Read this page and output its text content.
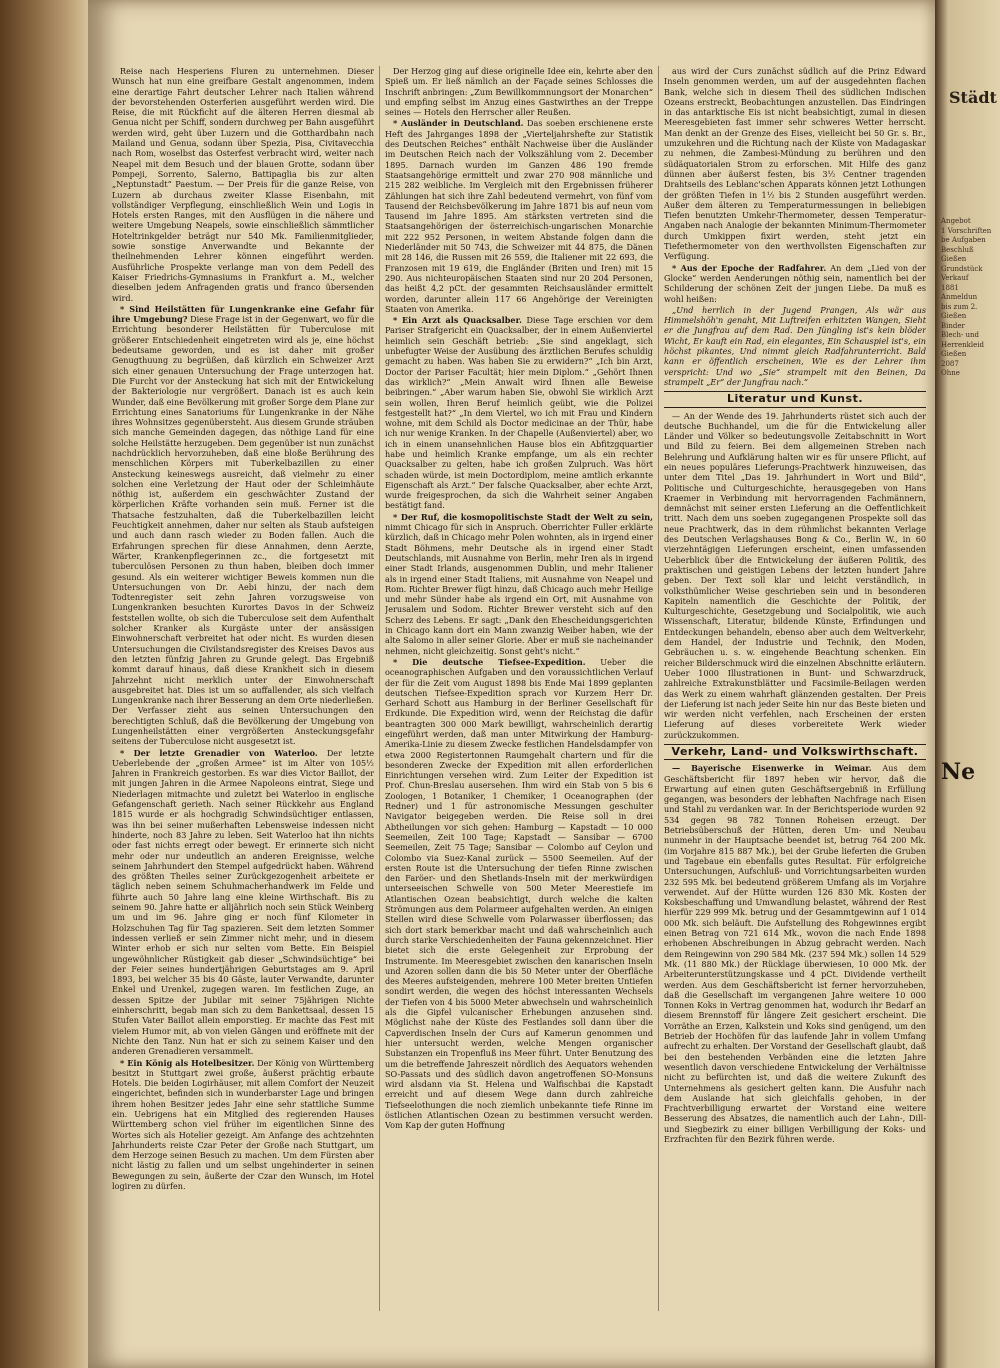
Reise nach Hesperiens Fluren zu unternehmen. Dieser Wunsch hat nun eine greifbare Gestalt angenommen, indem eine derartige Fahrt deutscher Lehrer nach Italien während der bevorstehenden Osterferien ausgeführt werden wird. Die Reise, die mit Rückficht auf die älteren Herren diesmal ab Genua nicht per Schiff, sondern durchweg per Bahn ausgeführt werden wird, geht über Luzern und die Gotthardbahn nach Mailand und Genua, sodann über Spezia, Pisa, Civitavecchia nach Rom, woselbst das Osterfest verbracht wird, weiter nach Neapel mit dem Besuch und der blauen Grotte, sodann über Pompeji, Sorrento, Salerno, Battipaglia bis zur alten „Neptunstadt“ Paestum. — Der Preis für die ganze Reise, von Luzern ab durchaus zweiter Klasse Eisenbahn, mit vollständiger Verpflegung, einschließlich Wein und Logis in Hotels ersten Ranges, mit den Ausflügen in die nähere und weitere Umgebung Neapels, sowie einschließlich sämmtlicher Hoteltrinkgelder beträgt nur 540 Mk. Familienmitglieder, sowie sonstige Anverwandte und Bekannte der theilnehmenden Lehrer können eingeführt werden. Ausführliche Prospekte verlange man von dem Pedell des Kaiser Friedrichs-Gymnasiums in Frankfurt a. M., welcher dieselben jedem Anfragenden gratis und franco übersenden wird.

* Sind Heilstätten für Lungenkranke eine Gefahr für ihre Umgebung? Diese Frage ist in der Gegenwart, wo für die Errichtung besonderer Heilstätten für Tuberculose mit größerer Entschiedenheit eingetreten wird als je, eine höchst bedeutsame geworden, und es ist daher mit großer Genugthuung zu begrüßen, daß kürzlich ein Schweizer Arzt sich einer genauen Untersuchung der Frage unterzogen hat. Die Furcht vor der Ansteckung hat sich mit der Entwickelung der Bakteriologie nur vergrößert. Danach ist es auch kein Wunder, daß eine Bevölkerung mit großer Sorge dem Plane zur Errichtung eines Sanatoriums für Lungenkranke in der Nähe ihres Wohnsitzes gegenübersteht. Aus diesem Grunde sträuben sich manche Gemeinden dagegen, das nöthige Land für eine solche Heilstätte herzugeben. Dem gegenüber ist nun zunächst nachdrücklich hervorzuheben, daß eine bloße Berührung des menschlichen Körpers mit Tuberkelbazillen zu einer Ansteckung keineswegs ausreicht, daß vielmehr zu einer solchen eine Verletzung der Haut oder der Schleimhäute nöthig ist, außerdem ein geschwächter Zustand der körperlichen Kräfte vorhanden sein muß. Ferner ist die Thatsache festzuhalten, daß die Tuberkelbazillen leicht Feuchtigkeit annehmen, daher nur selten als Staub aufsteigen und auch dann rasch wieder zu Boden fallen. Auch die Erfahrungen sprechen für diese Annahmen, denn Aerzte, Wärter, Krankenpflegerinnen zc., die fortgesetzt mit tuberculösen Personen zu thun haben, bleiben doch immer gesund. Als ein weiterer wichtiger Beweis kommen nun die Untersuchungen von Dr. Aebi hinzu, der nach dem Todtenregister seit zehn Jahren vorzugsweise von Lungenkranken besuchten Kurortes Davos in der Schweiz feststellen wollte, ob sich die Tuberculose seit dem Aufenthalt solcher Kranker als Kurgäste unter der ansässigen Einwohnerschaft verbreitet hat oder nicht. Es wurden diesen Untersuchungen die Civilstandsregister des Kreises Davos aus den letzten fünfzig Jahren zu Grunde gelegt. Das Ergebniß kommt darauf hinaus, daß diese Krankheit sich in diesem Jahrzehnt nicht merklich unter der Einwohnerschaft ausgebreitet hat. Dies ist um so auffallender, als sich vielfach Lungenkranke nach ihrer Besserung an dem Orte niederließen. Der Verfasser zieht aus seinen Untersuchungen den berechtigten Schluß, daß die Bevölkerung der Umgebung von Lungenheilstätten einer vergrößerten Ansteckungsgefahr seitens der Tuberculose nicht ausgesetzt ist.

* Der letzte Grenadier von Waterloo. Der letzte Ueberlebende der „großen Armee“ ist im Alter von 105½ Jahren in Frankreich gestorben. Es war dies Victor Baillot, der mit jungen Jahren in die Armee Napoleons eintrat, Siege und Niederlagen mitmachte und zuletzt bei Waterloo in englische Gefangenschaft gerieth. Nach seiner Rückkehr aus England 1815 wurde er als hochgradig Schwindsüchtiger entlassen, was ihn bei seiner mußerhaften Lebensweise indessen nicht hinderte, noch 83 Jahre zu leben. Seit Waterloo hat ihn nichts oder fast nichts erregt oder bewegt. Er erinnerte sich nicht mehr oder nur undeutlich an anderen Ereignisse, welche seinem Jahrhundert den Stempel aufgedrückt haben. Während des größten Theiles seiner Zurückgezogenheit arbeitete er täglich neben seinem Schuhmacherhandwerk im Felde und führte auch 50 Jahre lang eine kleine Wirthschaft. Bis zu seinem 90. Jahre hatte er alljährlich noch sein Stück Weinberg um und im 96. Jahre ging er noch fünf Kilometer in Holzschuhen Tag für Tag spazieren. Seit dem letzten Sommer indessen verließ er sein Zimmer nicht mehr, und in diesem Winter erhob er sich nur selten vom Bette. Ein Beispiel ungewöhnlicher Rüstigkeit gab dieser „Schwindsüchtige“ bei der Feier seines hundertjährigen Geburtstages am 9. April 1893, bei welcher 35 bis 40 Gäste, lauter Verwandte, darunter Enkel und Urenkel, zugegen waren. Im festlichen Zuge, an dessen Spitze der Jubilar mit seiner 75jährigen Nichte einherschritt, begab man sich zu dem Bankettsaal, dessen 15 Stufen Vater Baillot allein emporstieg. Er machte das Fest mit vielem Humor mit, ab von vielen Gängen und eröffnete mit der Nichte den Tanz. Nun hat er sich zu seinem Kaiser und den anderen Grenadieren versammelt.

* Ein König als Hotelbesitzer. Der König von Württemberg besitzt in Stuttgart zwei große, äußerst prächtig erbaute Hotels. Die beiden Logirhäuser, mit allem Comfort der Neuzeit eingerichtet, befinden sich in wunderbarster Lage und bringen ihrem hohen Besitzer jedes Jahr eine sehr stattliche Summe ein. Uebrigens hat ein Mitglied des regierenden Hauses Württemberg schon viel früher im eigentlichen Sinne des Wortes sich als Hotelier gezeigt. Am Anfange des achtzehnten Jahrhunderts reiste Czar Peter der Große nach Stuttgart, um dem Herzoge seinen Besuch zu machen. Um dem Fürsten aber nicht lästig zu fallen und um selbst ungehinderter in seinen Bewegungen zu sein, äußerte der Czar den Wunsch, im Hotel logiren zu dürfen.

Der Herzog ging auf diese originelle Idee ein, kehrte aber den Spieß um. Er ließ nämlich an der Façade seines Schlosses die Inschrift anbringen: „Zum Bewillkommnungsort der Monarchen“ und empfing selbst im Anzug eines Gastwirthes an der Treppe seines — Hotels den Herrscher aller Reußen.

* Ausländer in Deutschland. Das soeben erschienene erste Heft des Jahrganges 1898 der „Vierteljahrshefte zur Statistik des Deutschen Reiches“ enthält Nachweise über die Ausländer im Deutschen Reich nach der Volkszählung vom 2. December 1895. Darnach wurden im Ganzen 486 190 fremde Staatsangehörige ermittelt und zwar 270 908 männliche und 215 282 weibliche. Im Vergleich mit den Ergebnissen früherer Zählungen hat sich ihre Zahl bedeutend vermehrt, von fünf vom Tausend der Reichsbevölkerung im Jahre 1871 bis auf neun vom Tausend im Jahre 1895. Am stärksten vertreten sind die Staatsangehörigen der österreichisch-ungarischen Monarchie mit 222 952 Personen, in weitem Abstande folgen dann die Niederländer mit 50 743, die Schweizer mit 44 875, die Dänen mit 28 146, die Russen mit 26 559, die Italiener mit 22 693, die Franzosen mit 19 619, die Engländer (Briten und Iren) mit 15 290. Aus nichteuropäischen Staaten sind nur 20 204 Personen, das heißt 4,2 pCt. der gesammten Reichsausländer ermittelt worden, darunter allein 117 66 Angehörige der Vereinigten Staaten von Amerika.

* Ein Arzt als Quacksalber. Diese Tage erschien vor dem Pariser Strafgericht ein Quacksalber, der in einem Außenviertel heimlich sein Geschäft betrieb: „Sie sind angeklagt, sich unbefugter Weise der Ausübung des ärztlichen Berufes schuldig gemacht zu haben. Was haben Sie zu erwidern?“ „Ich bin Arzt, Doctor der Pariser Facultät; hier mein Diplom.“ „Gehört Ihnen das wirklich?“ „Mein Anwalt wird Ihnen alle Beweise beibringen.“ „Aber warum haben Sie, obwohl Sie wirklich Arzt sein wollen, Ihren Beruf heimlich geübt, wie die Polizei festgestellt hat?“ „In dem Viertel, wo ich mit Frau und Kindern wohne, mit dem Schild als Doctor medicinae an der Thür, habe ich nur wenige Kranken. In der Chapelle (Außenviertel) aber, wo ich in einem unansehnlichen Hause blos ein Abfitzgquartier habe und heimlich Kranke empfange, um als ein rechter Quacksalber zu gelten, habe ich großen Zulpruch. Was hört schaden würde, ist mein Doctordiplom, meine amtlich erkannte Eigenschaft als Arzt.“ Der falsche Quacksalber, aber echte Arzt, wurde freigesprochen, da sich die Wahrheit seiner Angaben bestätigt fand.

* Der Ruf, die kosmopolitischste Stadt der Welt zu sein, nimmt Chicago für sich in Anspruch. Oberrichter Fuller erklärte kürzlich, daß in Chicago mehr Polen wohnten, als in irgend einer Stadt Böhmens, mehr Deutsche als in irgend einer Stadt Deutschlands, mit Ausnahme von Berlin, mehr Iren als in irgend einer Stadt Irlands, ausgenommen Dublin, und mehr Italiener als in irgend einer Stadt Italiens, mit Ausnahme von Neapel und Rom. Richter Brewer fügt hinzu, daß Chicago auch mehr Heilige und mehr Sünder habe als irgend ein Ort, mit Ausnahme von Jerusalem und Sodom. Richter Brewer versteht sich auf den Scherz des Lebens. Er sagt: „Dank den Ehescheidungsgerichten in Chicago kann dort ein Mann zwanzig Weiber haben, wie der alte Salomo in aller seiner Glorie. Aber er muß sie nacheinander nehmen, nicht gleichzeitig. Sonst geht's nicht.“

* Die deutsche Tiefsee-Expedition. Ueber die oceanographischen Aufgaben und den voraussichtlichen Verlauf der für die Zeit vom August 1898 bis Ende Mai 1899 geplanten deutschen Tiefsee-Expedition sprach vor Kurzem Herr Dr. Gerhard Schott aus Hamburg in der Berliner Gesellschaft für Erdkunde. Die Expedition wird, wenn der Reichstag die dafür beantragten 300 000 Mark bewilligt, wahrscheinlich derartig eingeführt werden, daß man unter Mitwirkung der Hamburg-Amerika-Linie zu diesem Zwecke festlichen Handelsdampfer von etwa 2000 Registertonnen Raumgehalt chartern und für die besonderen Zwecke der Expedition mit allen erforderlichen Einrichtungen versehen wird. Zum Leiter der Expedition ist Prof. Chun-Breslau ausersehen. Ihm wird ein Stab von 5 bis 6 Zoologen, 1 Botaniker, 1 Chemiker, 1 Oceanographen (der Redner) und 1 für astronomische Messungen geschulter Navigator beigegeben werden. Die Reise soll in drei Abtheilungen vor sich gehen: Hamburg — Kapstadt — 10 000 Seemeilen, Zeit 100 Tage; Kapstadt — Sansibar — 6700 Seemeilen, Zeit 75 Tage; Sansibar — Colombo auf Ceylon und Colombo via Suez-Kanal zurück — 5500 Seemeilen. Auf der ersten Route ist die Untersuchung der tiefen Rinne zwischen den Faröer- und den Shetlands-Inseln mit der merkwürdigen unterseeischen Schwelle von 500 Meter Meerestiefe im Atlantischen Ozean beabsichtigt, durch welche die kalten Strömungen aus dem Polarmeer aufgehalten werden. An einigen Stellen wird diese Schwelle vom Polarwasser überflossen; das sich dort stark bemerkbar macht und daß wahrscheinlich auch durch starke Verschiedenheiten der Fauna gekennzeichnet. Hier bietet sich die erste Gelegenheit zur Erprobung der Instrumente. Im Meeresgebiet zwischen den kanarischen Inseln und Azoren sollen dann die bis 50 Meter unter der Oberfläche des Meeres aufsteigenden, mehrere 100 Meter breiten Untiefen sondirt werden, die wegen des höchst interessanten Wechsels der Tiefen von 4 bis 5000 Meter abwechseln und wahrscheinlich als die Gipfel vulcanischer Erhebungen anzusehen sind. Möglichst nahe der Küste des Festlandes soll dann über die Capverdischen Inseln der Curs auf Kamerun genommen und hier untersucht werden, welche Mengen organischer Substanzen ein Tropenfluß ins Meer führt. Unter Benutzung des um die betreffende Jahreszeit nördlich des Aequators wehenden SO-Passats und des südlich davon angetroffenen SO-Monsuns wird alsdann via St. Helena und Walfischbai die Kapstadt erreicht und auf diesem Wege dann durch zahlreiche Tiefseelothungen die noch ziemlich unbekannte tiefe Rinne im östlichen Atlantischen Ozean zu bestimmen versucht werden. Vom Kap der guten Hoffnung

aus wird der Curs zunächst südlich auf die Prinz Edward Inseln genommen werden, um auf der ausgedehnten flachen Bank, welche sich in diesem Theil des südlichen Indischen Ozeans erstreckt, Beobachtungen anzustellen. Das Eindringen in das antarktische Eis ist nicht beabsichtigt, zumal in diesen Meeresgebieten fast immer sehr schweres Wetter herrscht. Man denkt an der Grenze des Eises, vielleicht bei 50 Gr. s. Br., umzukehren und die Richtung nach der Küste von Madagaskar zu nehmen, die Zambesi-Mündung zu berühren und den südäquatorialen Strom zu erforschen. Mit Hilfe des ganz dünnen aber äußerst festen, bis 3½ Centner tragenden Drahtseils des Leblanc'schen Apparats können jetzt Lothungen der größten Tiefen in 1½ bis 2 Stunden ausgeführt werden. Außer dem älteren zu Temperaturmessungen in beliebigen Tiefen benutzten Umkehr-Thermometer, dessen Temperatur-Angaben nach Analogie der bekannten Minimum-Thermometer durch Umkippen fixirt werden, steht jetzt ein Tiefethermometer von den werthvollsten Eigenschaften zur Verfügung.

* Aus der Epoche der Radfahrer. An dem „Lied von der Glocke“ werden Aenderungen nöthig sein, namentlich bei der Schilderung der schönen Zeit der jungen Liebe. Da muß es wohl heißen:

„Und herrlich in der Jugend Prangen, Als wär aus Himmelshöh'n genaht, Mit Luftreifen erhitzten Wangen, Sieht er die Jungfrau auf dem Rad. Den Jüngling ist's kein blöder Wicht, Er kauft ein Rad, ein elegantes, Ein Schauspiel ist's, ein höchst pikantes, Und nimmt gleich Radfahrunterricht. Bald kann er öffentlich erscheinen, Wie es der Lehrer ihm verspricht: Und wo „Sie“ strampelt mit den Beinen, Da strampelt „Er“ der Jungfrau nach.“

Literatur und Kunst.

— An der Wende des 19. Jahrhunderts rüstet sich auch der deutsche Buchhandel, um die für die Entwickelung aller Länder und Völker so bedeutungsvolle Zeitabschnitt in Wort und Bild zu feiern. Bei dem allgemeinen Streben nach Belehrung und Aufklärung halten wir es für unsere Pflicht, auf ein neues populäres Lieferungs-Prachtwerk hinzuweisen, das unter dem Titel „Das 19. Jahrhundert in Wort und Bild“, Politische und Culturgeschichte, herausgegeben von Hans Kraemer in Verbindung mit hervorragenden Fachmännern, demnächst mit seiner ersten Lieferung an die Oeffentlichkeit tritt. Nach dem uns soeben zugegangenen Prospekte soll das neue Prachtwerk, das in dem rühmlichst bekannten Verlage des Deutschen Verlagshauses Bong & Co., Berlin W., in 60 vierzehntägigen Lieferungen erscheint, einen umfassenden Ueberblick über die Entwickelung der äußeren Politik, des praktischen und geistigen Lebens der letzten hundert Jahre geben. Der Text soll klar und leicht verständlich, in volksthümlicher Weise geschrieben sein und in besonderen Kapiteln namentlich die Geschichte der Politik, der Kulturgeschichte, Gesetzgebung und Socialpolitik, wie auch Wissenschaft, Literatur, bildende Künste, Erfindungen und Entdeckungen behandeln, ebenso aber auch dem Weltverkehr, dem Handel, der Industrie und Technik, den Moden, Gebräuchen u. s. w. eingehende Beachtung schenken. Ein reicher Bilderschmuck wird die einzelnen Abschnitte erläutern. Ueber 1000 Illustrationen in Bunt- und Schwarzdruck, zahlreiche Extrakunstblätter und Facsimile-Beilagen werden das Werk zu einem wahrhaft glänzenden gestalten. Der Preis der Lieferung ist nach jeder Seite hin nur das Beste bieten und wir werden nicht verfehlen, nach Erscheinen der ersten Lieferung auf dieses vorbereitete Werk wieder zurückzukommen.

Verkehr, Land- und Volkswirthschaft.

— Bayerische Eisenwerke in Weimar. Aus dem Geschäftsbericht für 1897 heben wir hervor, daß die Erwartung auf einen guten Geschäftsergebniß in Erfüllung gegangen, was besonders der lebhaften Nachfrage nach Eisen und Stahl zu verdanken war. In der Berichtsperiode wurden 92 534 gegen 98 782 Tonnen Roheisen erzeugt. Der Betriebsüberschuß der Hütten, deren Um- und Neubau nunmehr in der Hauptsache beendet ist, betrug 764 200 Mk. (im Vorjahre 815 887 Mk.), bei der Grube lieferten die Gruben und Tagebaue ein ebenfalls gutes Resultat. Für erfolgreiche Untersuchungen, Aufschluß- und Vorrichtungsarbeiten wurden 232 595 Mk. bei bedeutend größerem Umfang als im Vorjahre verwendet. Auf der Hütte wurden 126 830 Mk. Kosten der Koksbeschaffung und Umwandlung belastet, während der Rest hierfür 229 999 Mk. betrug und der Gesammtgewinn auf 1 014 000 Mk. sich beläuft. Die Aufstellung des Rohgewinnes ergibt einen Betrag von 721 614 Mk., wovon die nach Ende 1898 erhobenen Abschreibungen in Abzug gebracht werden. Nach dem Reingewinn von 290 584 Mk. (237 594 Mk.) sollen 14 529 Mk. (11 880 Mk.) der Rücklage überwiesen, 10 000 Mk. der Arbeiterunterstützungskasse und 4 pCt. Dividende vertheilt werden. Aus dem Geschäftsbericht ist ferner hervorzuheben, daß die Gesellschaft im vergangenen Jahre weitere 10 000 Tonnen Koks in Vertrag genommen hat, wodurch ihr Bedarf an diesem Brennstoff für längere Zeit gesichert erscheint. Die Vorräthe an Erzen, Kalkstein und Koks sind genügend, um den Betrieb der Hochöfen für das laufende Jahr in vollem Umfang aufrecht zu erhalten. Der Vorstand der Gesellschaft glaubt, daß bei den bestehenden Verbänden eine die letzten Jahre wesentlich davon verschiedene Entwickelung der Verhältnisse nicht zu befürchten ist, und daß die weitere Zukunft des Unternehmens als gesichert gelten kann. Die Ausfuhr nach dem Auslande hat sich gleichfalls gehoben, in der Frachtverbilligung erwartet der Vorstand eine weitere Besserung des Absatzes, die namentlich auch der Lahn-, Dill- und Siegbezirk zu einer billigen Verbilligung der Koks- und Erzfrachten für den Bezirk führen werde.

Städt
Angebot
1 Vorschriften
be Aufgaben
Beschluß
Gießen
Grundstück
Verkauf
1881
Anmeldun
bis zum 2.
Gießen
Binder
Blech- und
Herrenkleid
Gießen
2087
Ohne
Ne
